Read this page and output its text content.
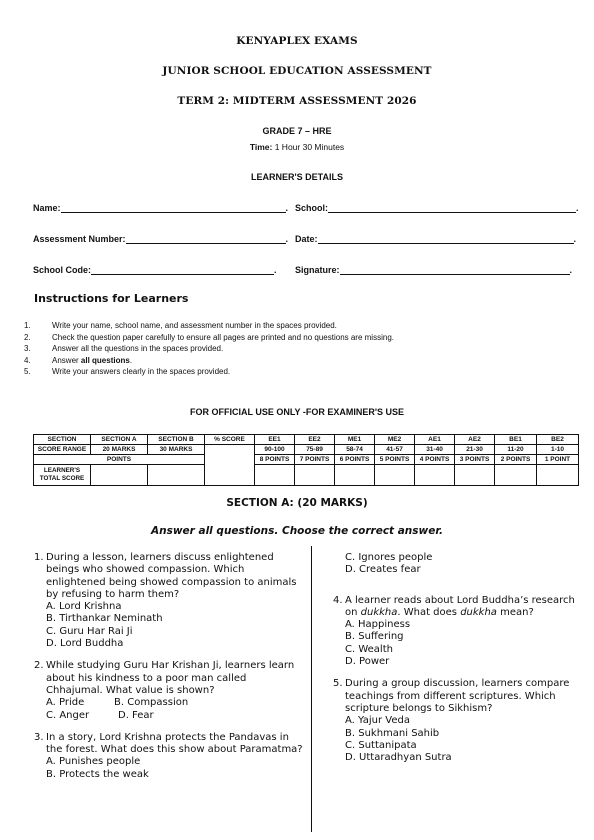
KENYAPLEX EXAMS
JUNIOR SCHOOL EDUCATION ASSESSMENT
TERM 2: MIDTERM ASSESSMENT 2026
GRADE 7 – HRE
Time: 1 Hour 30 Minutes
LEARNER'S DETAILS
Name:	. School:	.
Assessment Number:	. Date:	.
School Code:	. Signature:	.
Instructions for Learners
1.	Write your name, school name, and assessment number in the spaces provided.
2.	Check the question paper carefully to ensure all pages are printed and no questions are missing.
3.	Answer all the questions in the spaces provided.
4.	Answer all questions.
5.	Write your answers clearly in the spaces provided.
FOR OFFICIAL USE ONLY -FOR EXAMINER'S USE
SECTION	SECTION A	SECTION B	% SCORE	EE1	EE2	ME1	ME2	AE1	AE2	BE1	BE2
SCORE RANGE	20 MARKS	30 MARKS		90-100	75-89	58-74	41-57	31-40	21-30	11-20	1-10
POINTS				8 POINTS	7 POINTS	6 POINTS	5 POINTS	4 POINTS	3 POINTS	2 POINTS	1 POINT
LEARNER'S TOTAL SCORE											
SECTION A: (20 MARKS)
Answer all questions. Choose the correct answer.
1. During a lesson, learners discuss enlightened beings who showed compassion. Which enlightened being showed compassion to animals by refusing to harm them?
A. Lord Krishna
B. Tirthankar Neminath
C. Guru Har Rai Ji
D. Lord Buddha
2. While studying Guru Har Krishan Ji, learners learn about his kindness to a poor man called Chhajumal. What value is shown?
A. Pride	B. Compassion
C. Anger	D. Fear
3. In a story, Lord Krishna protects the Pandavas in the forest. What does this show about Paramatma?
A. Punishes people
B. Protects the weak
C. Ignores people
D. Creates fear
4. A learner reads about Lord Buddha’s research on dukkha. What does dukkha mean?
A. Happiness
B. Suffering
C. Wealth
D. Power
5. During a group discussion, learners compare teachings from different scriptures. Which scripture belongs to Sikhism?
A. Yajur Veda
B. Sukhmani Sahib
C. Suttanipata
D. Uttaradhyan Sutra
